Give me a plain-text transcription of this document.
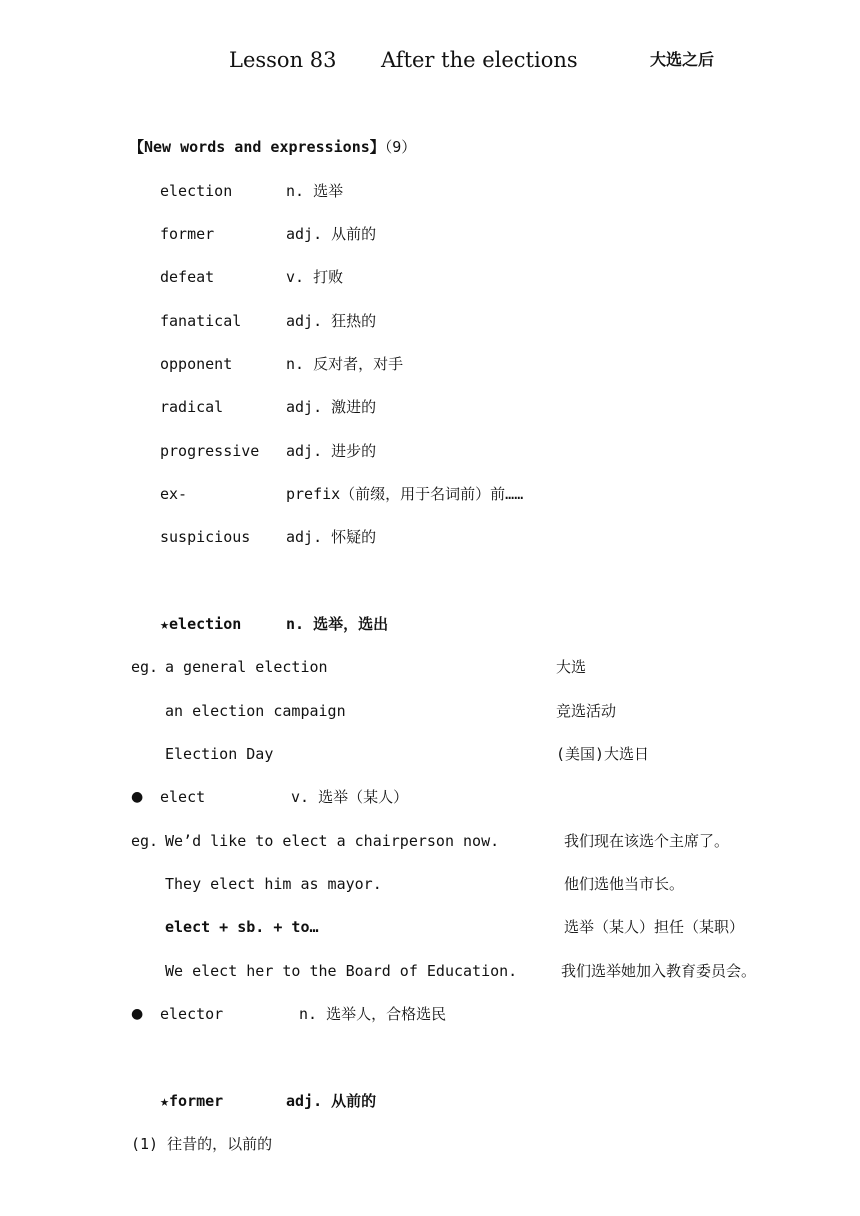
Lesson 83 After the elections	大选之后
【New words and expressions】（9）
election	n. 选举
former	adj. 从前的
defeat	v. 打败
fanatical	adj. 狂热的
opponent	n. 反对者，对手
radical	adj. 激进的
progressive adj. 进步的
ex-	prefix（前缀，用于名词前）前……
suspicious adj. 怀疑的
★election	n. 选举，选出
eg. a general election	大选
an election campaign	竞选活动
Election Day	(美国)大选日
● elect	v. 选举（某人）
eg. We’d like to elect a chairperson now.	我们现在该选个主席了。
They elect him as mayor.	他们选他当市长。
elect + sb. + to…	选举（某人）担任（某职）
We elect her to the Board of Education.	我们选举她加入教育委员会。
● elector	n. 选举人，合格选民
★former	adj. 从前的
(1) 往昔的，以前的
